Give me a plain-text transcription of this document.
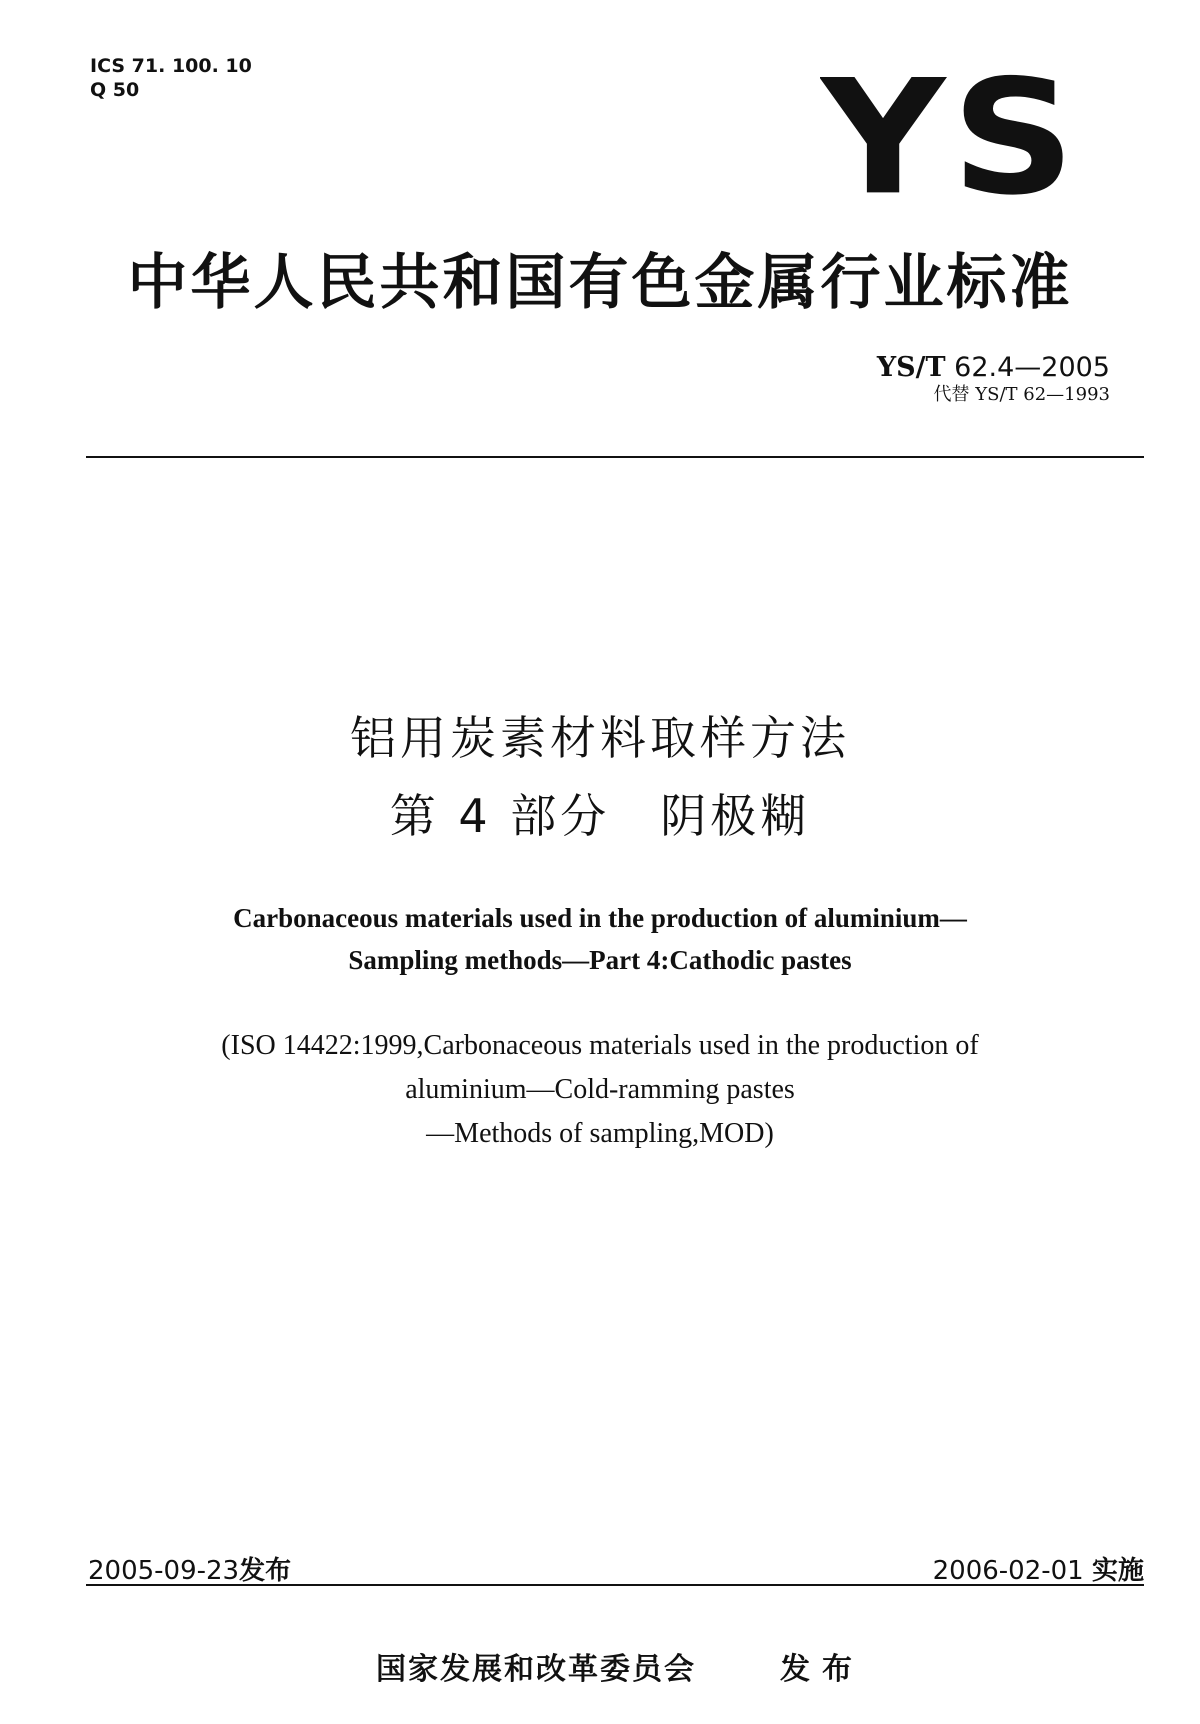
ICS 71. 100. 10
Q 50	YS
中华人民共和国有色金属行业标准
YS/T 62.4—2005
代替 YS/T 62—1993
铝用炭素材料取样方法
第 4 部分　阴极糊
Carbonaceous materials used in the production of aluminium—
Sampling methods—Part 4:Cathodic pastes
(ISO 14422:1999,Carbonaceous materials used in the production of
aluminium—Cold-ramming pastes
—Methods of sampling,MOD)
2005-09-23发布	2006-02-01 实施
国家发展和改革委员会	发布
